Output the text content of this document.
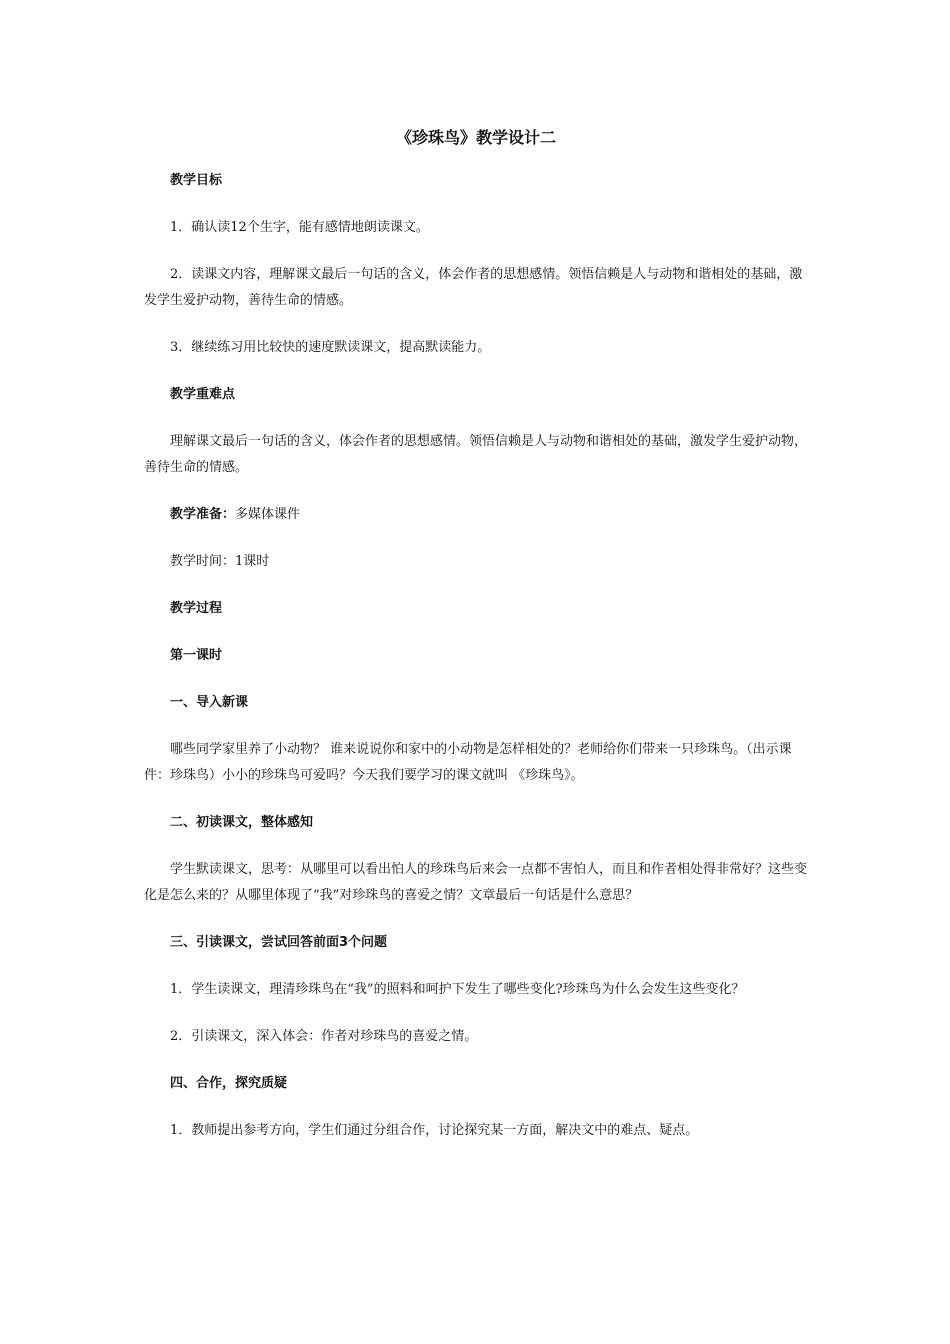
《珍珠鸟》教学设计二
教学目标
1．确认读12个生字，能有感情地朗读课文。
2．读课文内容，理解课文最后一句话的含义，体会作者的思想感情。领悟信赖是人与动物和谐相处的基础，激发学生爱护动物，善待生命的情感。
3．继续练习用比较快的速度默读课文，提高默读能力。
教学重难点
理解课文最后一句话的含义，体会作者的思想感情。领悟信赖是人与动物和谐相处的基础，激发学生爱护动物，善待生命的情感。
教学准备：多媒体课件
教学时间：1课时
教学过程
第一课时
一、导入新课
哪些同学家里养了小动物？ 谁来说说你和家中的小动物是怎样相处的？老师给你们带来一只珍珠鸟。（出示课件：珍珠鸟）小小的珍珠鸟可爱吗？今天我们要学习的课文就叫 《珍珠鸟》。
二、初读课文，整体感知
学生默读课文，思考：从哪里可以看出怕人的珍珠鸟后来会一点都不害怕人，而且和作者相处得非常好？这些变化是怎么来的？从哪里体现了“我”对珍珠鸟的喜爱之情？文章最后一句话是什么意思？
三、引读课文，尝试回答前面3个问题
1．学生读课文，理清珍珠鸟在“我”的照料和呵护下发生了哪些变化?珍珠鸟为什么会发生这些变化？
2．引读课文，深入体会：作者对珍珠鸟的喜爱之情。
四、合作，探究质疑
1．教师提出参考方向，学生们通过分组合作，讨论探究某一方面，解决文中的难点、疑点。
